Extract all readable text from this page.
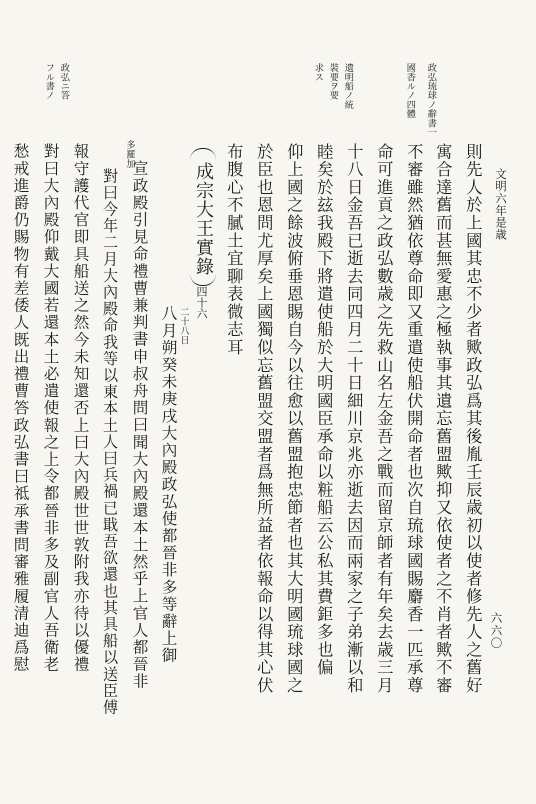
文明六年是歳
六六〇
政弘琉球ノ辭書一
國香ルノ四體
遺明船ノ統
裝要ヲ要
求ス
政弘ニ答
フル書ノ
則先人於上國其忠不少者歟政弘爲其後胤壬辰歳初以使者修先人之舊好
寓合達舊而甚無愛惠之極執事其遺忘舊盟歟抑又依使者之不肖者歟不審
不審雖然猶依尊命即又重遣使船伏開命者也次自琉球國賜麝香一匹承尊
命可進貢之政弘數歳之先救山名左金吾之戰而留京師者有年矣去歳三月
十八日金吾已逝去同四月二十日細川京兆亦逝去因而兩家之子弟漸以和
睦矣於玆我殿下將遣使船於大明國臣承命以粧船云公私其費鉅多也偏
仰上國之餘波俯垂恩賜自今以往愈以舊盟抱忠節者也其大明國琉球國之
於臣也恩問尤厚矣上國獨似忘舊盟交盟者爲無所益者依報命以得其心伏
布腹心不膩土宜聊表微志耳
成宗大王實錄
四十六
二十八日
八月朔癸未庚戌大內殿政弘使都晉非多等辭上御
宣政殿引見命禮曹兼判書申叔舟問曰聞大內殿還本土然乎上官人都晉非
多羅加
對曰今年二月大內殿命我等以東本土人曰兵禍已戢吾欲還也其具船以送臣傅
報守護代官即具船送之然今未知還否上曰大內殿世世敦附我亦待以優禮
對曰大內殿仰戴大國若還本土必遣使報之上令都晉非多及副官人吾衛老
愁戒進爵仍賜物有差倭人既出禮曹答政弘書曰祗承書問審雅履清迪爲慰
